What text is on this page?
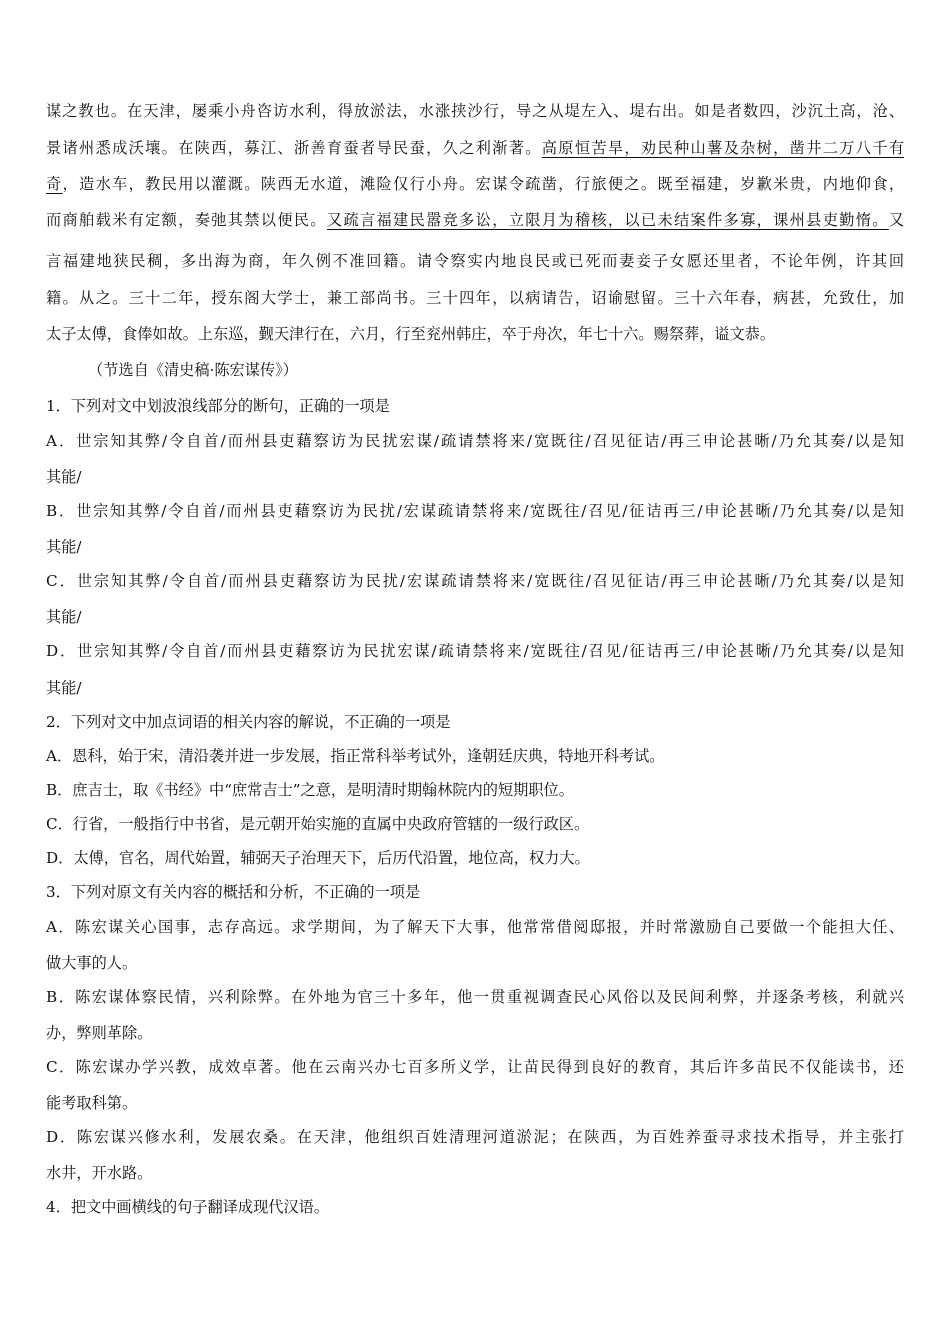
谋之教也。在天津，屡乘小舟咨访水利，得放淤法，水涨挟沙行，导之从堤左入、堤右出。如是者数四，沙沉土高，沧、
景诸州悉成沃壤。在陕西，募江、浙善育蚕者导民蚕，久之利渐著。高原恒苦旱，劝民种山薯及杂树，凿井二万八千有
奇，造水车，教民用以灌溉。陕西无水道，滩险仅行小舟。宏谋令疏凿，行旅便之。既至福建，岁歉米贵，内地仰食，
而商舶载米有定额，奏弛其禁以便民。又疏言福建民嚣竞多讼，立限月为稽核，以已未结案件多寡，课州县吏勤惰。又
言福建地狭民稠，多出海为商，年久例不准回籍。请令察实内地良民或已死而妻妾子女愿还里者，不论年例，许其回
籍。从之。三十二年，授东阁大学士，兼工部尚书。三十四年，以病请告，诏谕慰留。三十六年春，病甚，允致仕，加
太子太傅，食俸如故。上东巡，觐天津行在，六月，行至兖州韩庄，卒于舟次，年七十六。赐祭葬，谥文恭。
（节选自《清史稿·陈宏谋传》）
1．下列对文中划波浪线部分的断句，正确的一项是
A．世宗知其弊/令自首/而州县吏藉察访为民扰宏谋/疏请禁将来/宽既往/召见征诘/再三申论甚晰/乃允其奏/以是知
其能/
B．世宗知其弊/令自首/而州县吏藉察访为民扰/宏谋疏请禁将来/宽既往/召见/征诘再三/申论甚晰/乃允其奏/以是知
其能/
C．世宗知其弊/令自首/而州县吏藉察访为民扰/宏谋疏请禁将来/宽既往/召见征诘/再三申论甚晰/乃允其奏/以是知
其能/
D．世宗知其弊/令自首/而州县吏藉察访为民扰宏谋/疏请禁将来/宽既往/召见/征诘再三/申论甚晰/乃允其奏/以是知
其能/
2．下列对文中加点词语的相关内容的解说，不正确的一项是
A．恩科，始于宋，清沿袭并进一步发展，指正常科举考试外，逢朝廷庆典，特地开科考试。
B．庶吉士，取《书经》中“庶常吉士”之意，是明清时期翰林院内的短期职位。
C．行省，一般指行中书省，是元朝开始实施的直属中央政府管辖的一级行政区。
D．太傅，官名，周代始置，辅弼天子治理天下，后历代沿置，地位高，权力大。
3．下列对原文有关内容的概括和分析，不正确的一项是
A．陈宏谋关心国事，志存高远。求学期间，为了解天下大事，他常常借阅邸报，并时常激励自己要做一个能担大任、
做大事的人。
B．陈宏谋体察民情，兴利除弊。在外地为官三十多年，他一贯重视调查民心风俗以及民间利弊，并逐条考核，利就兴
办，弊则革除。
C．陈宏谋办学兴教，成效卓著。他在云南兴办七百多所义学，让苗民得到良好的教育，其后许多苗民不仅能读书，还
能考取科第。
D．陈宏谋兴修水利，发展农桑。在天津，他组织百姓清理河道淤泥；在陕西，为百姓养蚕寻求技术指导，并主张打
水井，开水路。
4．把文中画横线的句子翻译成现代汉语。
